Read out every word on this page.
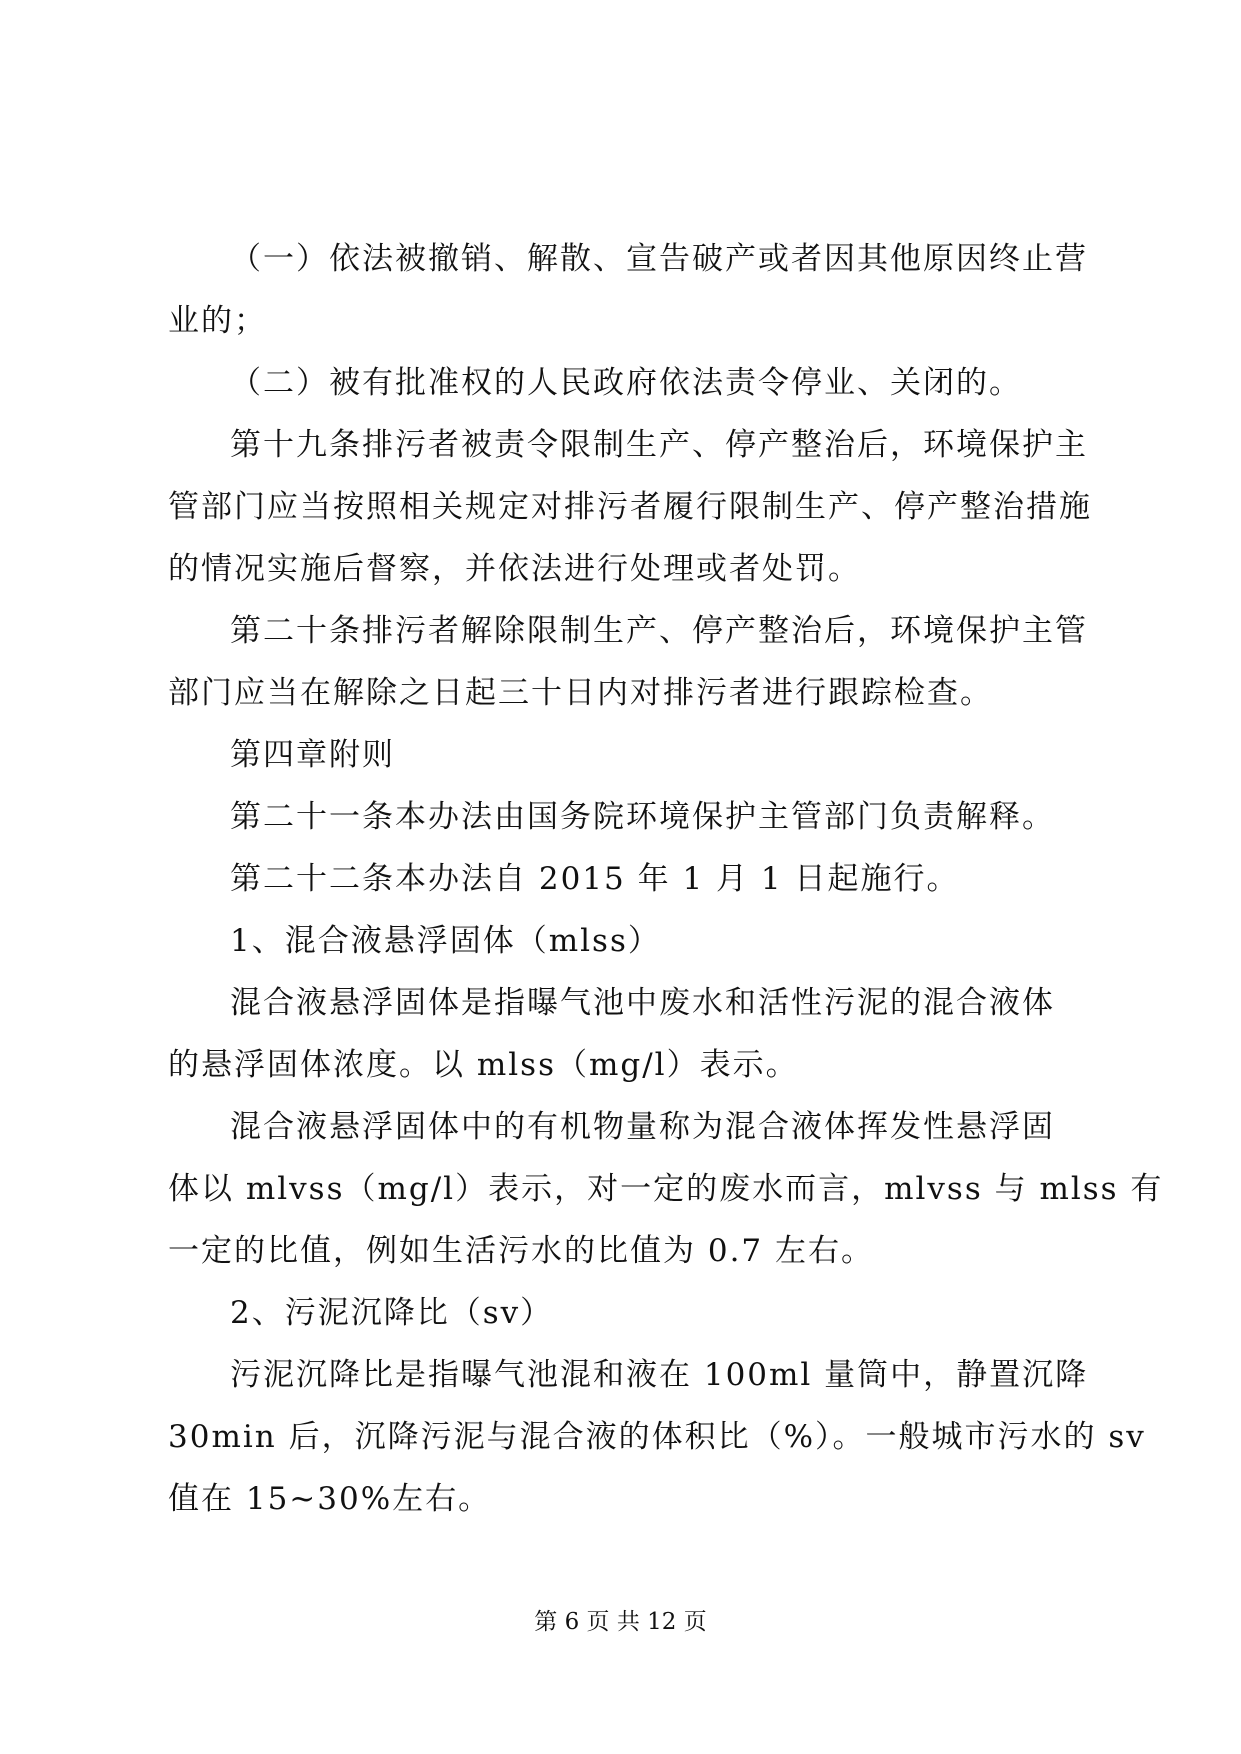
（一）依法被撤销、解散、宣告破产或者因其他原因终止营

业的；

（二）被有批准权的人民政府依法责令停业、关闭的。

第十九条排污者被责令限制生产、停产整治后，环境保护主

管部门应当按照相关规定对排污者履行限制生产、停产整治措施

的情况实施后督察，并依法进行处理或者处罚。

第二十条排污者解除限制生产、停产整治后，环境保护主管

部门应当在解除之日起三十日内对排污者进行跟踪检查。

第四章附则

第二十一条本办法由国务院环境保护主管部门负责解释。

第二十二条本办法自 2015 年 1 月 1 日起施行。

1、混合液悬浮固体（mlss）

混合液悬浮固体是指曝气池中废水和活性污泥的混合液体

的悬浮固体浓度。以 mlss（mg/l）表示。

混合液悬浮固体中的有机物量称为混合液体挥发性悬浮固

体以 mlvss（mg/l）表示，对一定的废水而言，mlvss 与 mlss 有

一定的比值，例如生活污水的比值为 0.7 左右。

2、污泥沉降比（sv）

污泥沉降比是指曝气池混和液在 100ml 量筒中，静置沉降

30min 后，沉降污泥与混合液的体积比（%）。一般城市污水的 sv

值在 15~30%左右。

第 6 页 共 12 页
